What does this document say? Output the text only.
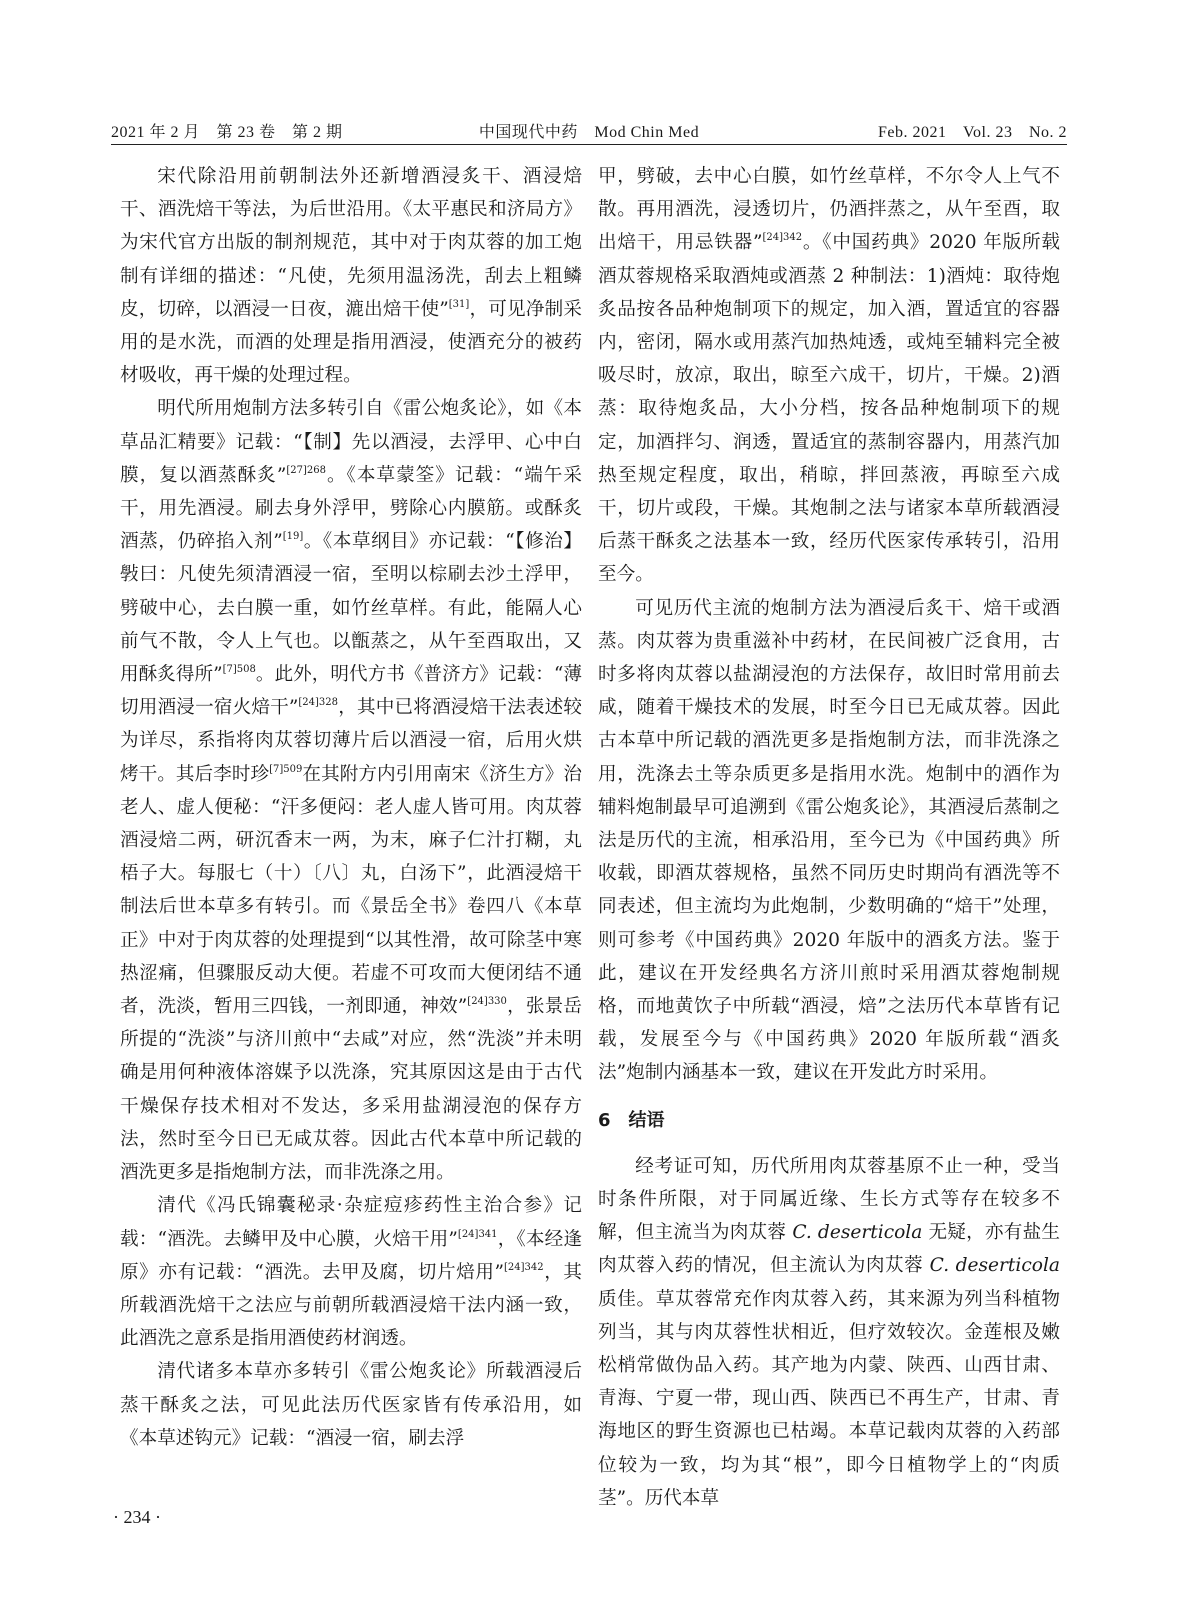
2021 年 2 月　第 23 卷　第 2 期	中国现代中药　Mod Chin Med	Feb. 2021　Vol. 23　No. 2

宋代除沿用前朝制法外还新增酒浸炙干、酒浸焙干、酒洗焙干等法，为后世沿用。《太平惠民和济局方》为宋代官方出版的制剂规范，其中对于肉苁蓉的加工炮制有详细的描述：“凡使，先须用温汤洗，刮去上粗鳞皮，切碎，以酒浸一日夜，漉出焙干使”[31]，可见净制采用的是水洗，而酒的处理是指用酒浸，使酒充分的被药材吸收，再干燥的处理过程。

明代所用炮制方法多转引自《雷公炮炙论》，如《本草品汇精要》记载：“【制】先以酒浸，去浮甲、心中白膜，复以酒蒸酥炙”$^{[27]268}$。《本草蒙筌》记载：“端午采干，用先酒浸。刷去身外浮甲，劈除心内膜筋。或酥炙酒蒸，仍碎掐入剂”[19]。《本草纲目》亦记载：“【修治】斅曰：凡使先须清酒浸一宿，至明以棕刷去沙土浮甲，劈破中心，去白膜一重，如竹丝草样。有此，能隔人心前气不散，令人上气也。以甑蒸之，从午至酉取出，又用酥炙得所”$^{[7]508}$。此外，明代方书《普济方》记载：“薄切用酒浸一宿火焙干”$^{[24]328}$，其中已将酒浸焙干法表述较为详尽，系指将肉苁蓉切薄片后以酒浸一宿，后用火烘烤干。其后李时珍$^{[7]509}$在其附方内引用南宋《济生方》治老人、虚人便秘：“汗多便闷：老人虚人皆可用。肉苁蓉酒浸焙二两，研沉香末一两，为末，麻子仁汁打糊，丸梧子大。每服七（十）〔八〕丸，白汤下”，此酒浸焙干制法后世本草多有转引。而《景岳全书》卷四八《本草正》中对于肉苁蓉的处理提到“以其性滑，故可除茎中寒热涩痛，但骤服反动大便。若虚不可攻而大便闭结不通者，洗淡，暂用三四钱，一剂即通，神效”$^{[24]330}$，张景岳所提的“洗淡”与济川煎中“去咸”对应，然“洗淡”并未明确是用何种液体溶媒予以洗涤，究其原因这是由于古代干燥保存技术相对不发达，多采用盐湖浸泡的保存方法，然时至今日已无咸苁蓉。因此古代本草中所记载的酒洗更多是指炮制方法，而非洗涤之用。

清代《冯氏锦囊秘录·杂症痘疹药性主治合参》记载：“酒洗。去鳞甲及中心膜，火焙干用”$^{[24]341}$，《本经逢原》亦有记载：“酒洗。去甲及腐，切片焙用”$^{[24]342}$，其所载酒洗焙干之法应与前朝所载酒浸焙干法内涵一致，此酒洗之意系是指用酒使药材润透。

清代诸多本草亦多转引《雷公炮炙论》所载酒浸后蒸干酥炙之法，可见此法历代医家皆有传承沿用，如《本草述钩元》记载：“酒浸一宿，刷去浮

甲，劈破，去中心白膜，如竹丝草样，不尔令人上气不散。再用酒洗，浸透切片，仍酒拌蒸之，从午至酉，取出焙干，用忌铁器”$^{[24]342}$。《中国药典》2020 年版所载酒苁蓉规格采取酒炖或酒蒸 2 种制法：1)酒炖：取待炮炙品按各品种炮制项下的规定，加入酒，置适宜的容器内，密闭，隔水或用蒸汽加热炖透，或炖至辅料完全被吸尽时，放凉，取出，晾至六成干，切片，干燥。2)酒蒸：取待炮炙品，大小分档，按各品种炮制项下的规定，加酒拌匀、润透，置适宜的蒸制容器内，用蒸汽加热至规定程度，取出，稍晾，拌回蒸液，再晾至六成干，切片或段，干燥。其炮制之法与诸家本草所载酒浸后蒸干酥炙之法基本一致，经历代医家传承转引，沿用至今。

可见历代主流的炮制方法为酒浸后炙干、焙干或酒蒸。肉苁蓉为贵重滋补中药材，在民间被广泛食用，古时多将肉苁蓉以盐湖浸泡的方法保存，故旧时常用前去咸，随着干燥技术的发展，时至今日已无咸苁蓉。因此古本草中所记载的酒洗更多是指炮制方法，而非洗涤之用，洗涤去土等杂质更多是指用水洗。炮制中的酒作为辅料炮制最早可追溯到《雷公炮炙论》，其酒浸后蒸制之法是历代的主流，相承沿用，至今已为《中国药典》所收载，即酒苁蓉规格，虽然不同历史时期尚有酒洗等不同表述，但主流均为此炮制，少数明确的“焙干”处理，则可参考《中国药典》2020 年版中的酒炙方法。鉴于此，建议在开发经典名方济川煎时采用酒苁蓉炮制规格，而地黄饮子中所载“酒浸，焙”之法历代本草皆有记载，发展至今与《中国药典》2020 年版所载“酒炙法”炮制内涵基本一致，建议在开发此方时采用。

6 结语

经考证可知，历代所用肉苁蓉基原不止一种，受当时条件所限，对于同属近缘、生长方式等存在较多不解，但主流当为肉苁蓉 C. deserticola 无疑，亦有盐生肉苁蓉入药的情况，但主流认为肉苁蓉 C. deserticola 质佳。草苁蓉常充作肉苁蓉入药，其来源为列当科植物列当，其与肉苁蓉性状相近，但疗效较次。金莲根及嫩松梢常做伪品入药。其产地为内蒙、陕西、山西甘肃、青海、宁夏一带，现山西、陕西已不再生产，甘肃、青海地区的野生资源也已枯竭。本草记载肉苁蓉的入药部位较为一致，均为其“根”，即今日植物学上的“肉质茎”。历代本草

· 234 ·
